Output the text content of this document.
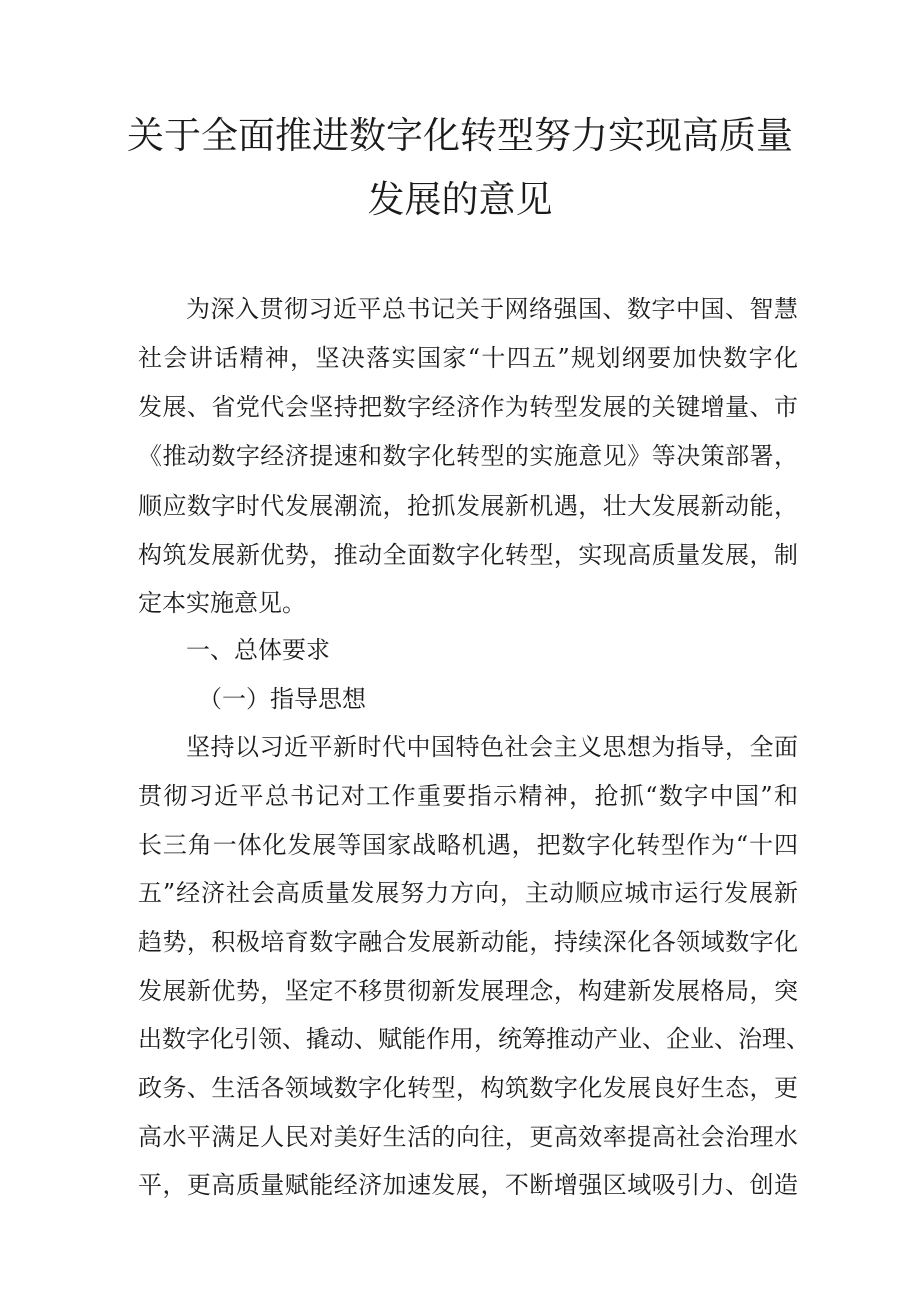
关于全面推进数字化转型努力实现高质量
发展的意见
为深入贯彻习近平总书记关于网络强国、数字中国、智慧
社会讲话精神，坚决落实国家“十四五”规划纲要加快数字化
发展、省党代会坚持把数字经济作为转型发展的关键增量、市
《推动数字经济提速和数字化转型的实施意见》等决策部署，
顺应数字时代发展潮流，抢抓发展新机遇，壮大发展新动能，
构筑发展新优势，推动全面数字化转型，实现高质量发展，制
定本实施意见。
一、总体要求
（一）指导思想
坚持以习近平新时代中国特色社会主义思想为指导，全面
贯彻习近平总书记对工作重要指示精神，抢抓“数字中国”和
长三角一体化发展等国家战略机遇，把数字化转型作为“十四
五”经济社会高质量发展努力方向，主动顺应城市运行发展新
趋势，积极培育数字融合发展新动能，持续深化各领域数字化
发展新优势，坚定不移贯彻新发展理念，构建新发展格局，突
出数字化引领、撬动、赋能作用，统筹推动产业、企业、治理、
政务、生活各领域数字化转型，构筑数字化发展良好生态，更
高水平满足人民对美好生活的向往，更高效率提高社会治理水
平，更高质量赋能经济加速发展，不断增强区域吸引力、创造
